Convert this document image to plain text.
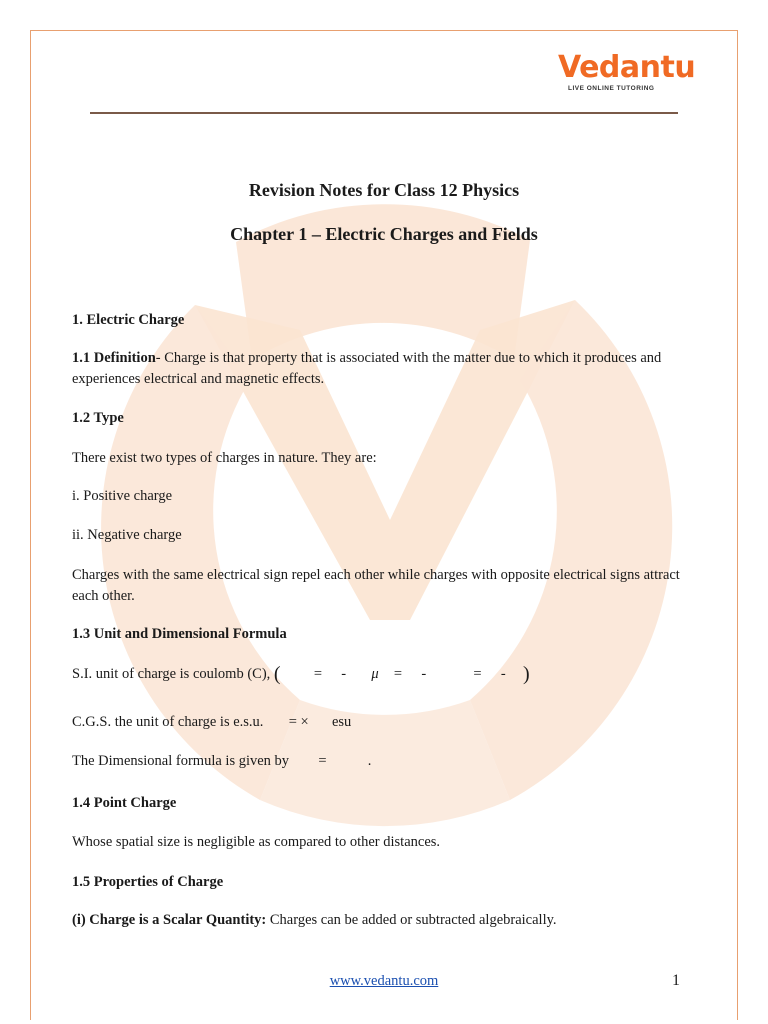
Vedantu
LIVE ONLINE TUTORING
Revision Notes for Class 12 Physics
Chapter 1 – Electric Charges and Fields
1. Electric Charge
1.1 Definition- Charge is that property that is associated with the matter due to which it produces and experiences electrical and magnetic effects.
1.2 Type
There exist two types of charges in nature. They are:
i. Positive charge
ii. Negative charge
Charges with the same electrical sign repel each other while charges with opposite electrical signs attract each other.
1.3 Unit and Dimensional Formula
S.I. unit of charge is coulomb (C), ( = - μ = -	= - )
C.G.S. the unit of charge is e.s.u. = × esu
The Dimensional formula is given by =	.
1.4 Point Charge
Whose spatial size is negligible as compared to other distances.
1.5 Properties of Charge
(i) Charge is a Scalar Quantity: Charges can be added or subtracted algebraically.
www.vedantu.com	1
